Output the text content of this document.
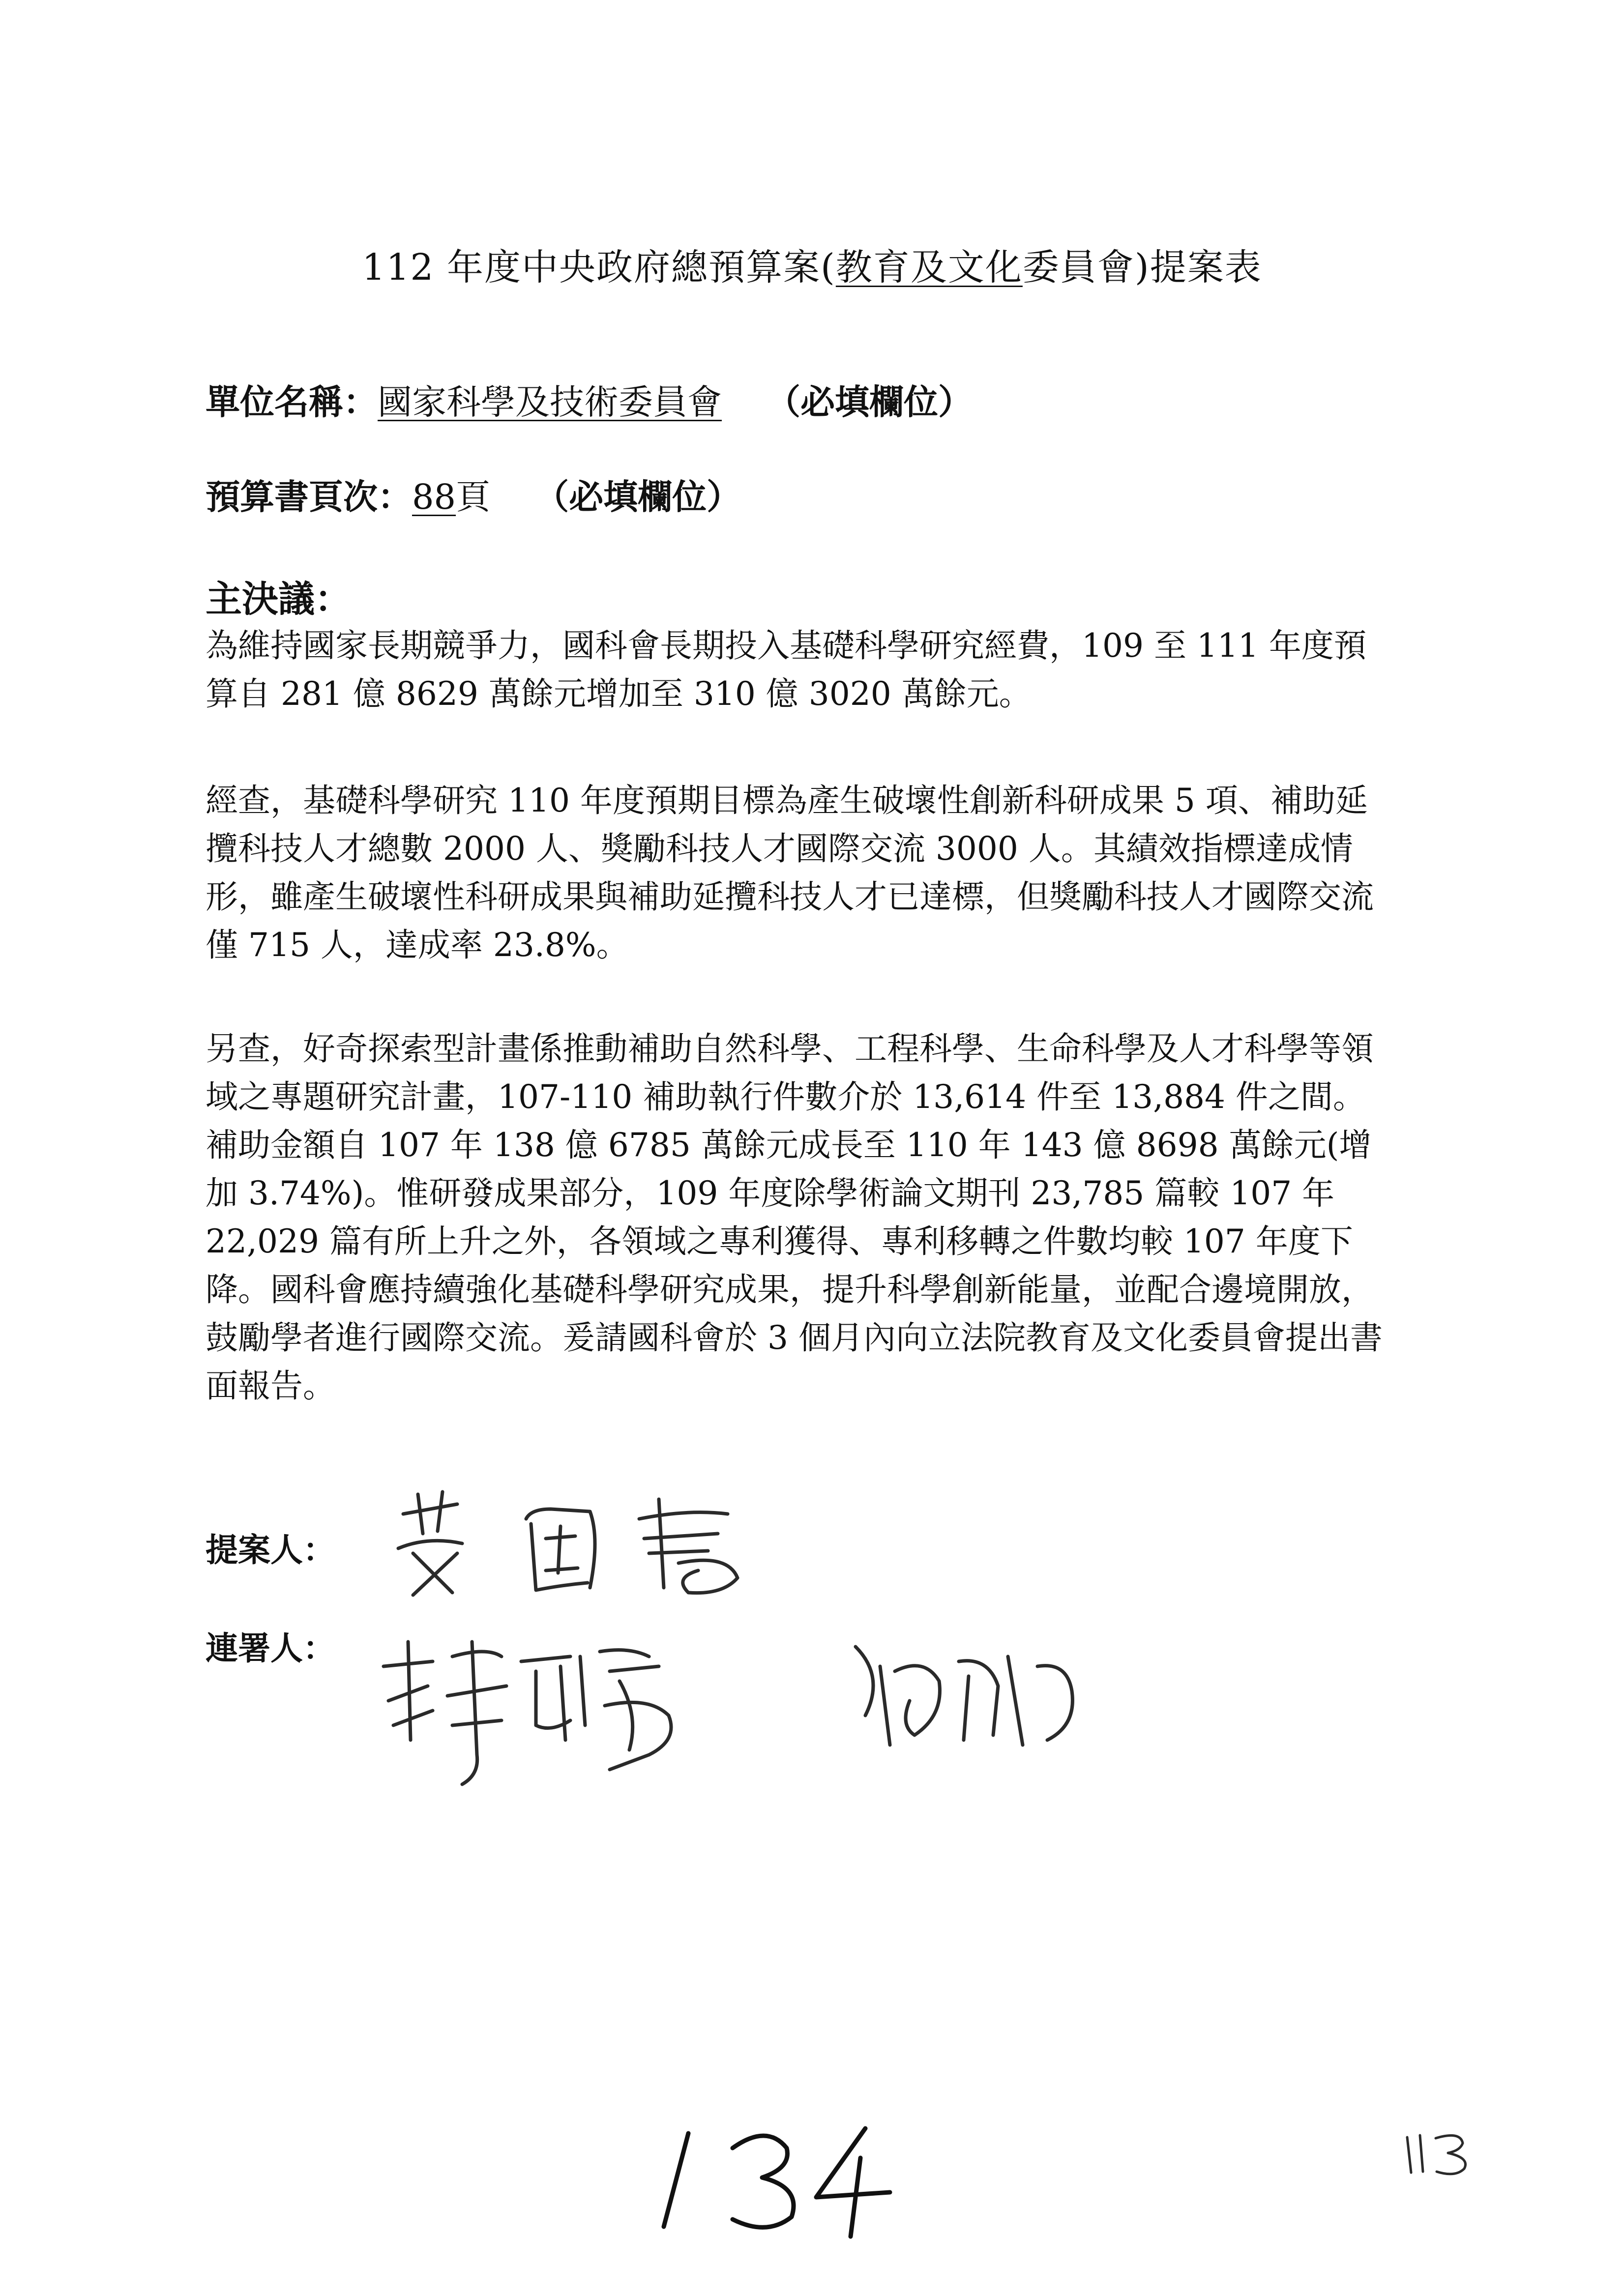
112 年度中央政府總預算案(教育及文化委員會)提案表
單位名稱：國家科學及技術委員會 （必填欄位）
預算書頁次：88頁 （必填欄位）
主決議：
為維持國家長期競爭力，國科會長期投入基礎科學研究經費，109 至 111 年度預算自 281 億 8629 萬餘元增加至 310 億 3020 萬餘元。
經查，基礎科學研究 110 年度預期目標為產生破壞性創新科研成果 5 項、補助延攬科技人才總數 2000 人、獎勵科技人才國際交流 3000 人。其績效指標達成情形，雖產生破壞性科研成果與補助延攬科技人才已達標，但獎勵科技人才國際交流僅 715 人，達成率 23.8%。
另查，好奇探索型計畫係推動補助自然科學、工程科學、生命科學及人才科學等領域之專題研究計畫，107-110 補助執行件數介於 13,614 件至 13,884 件之間。補助金額自 107 年 138 億 6785 萬餘元成長至 110 年 143 億 8698 萬餘元(增加 3.74%)。惟研發成果部分，109 年度除學術論文期刊 23,785 篇較 107 年 22,029 篇有所上升之外，各領域之專利獲得、專利移轉之件數均較 107 年度下降。國科會應持續強化基礎科學研究成果，提升科學創新能量，並配合邊境開放，鼓勵學者進行國際交流。爰請國科會於 3 個月內向立法院教育及文化委員會提出書面報告。
提案人：
連署人：
